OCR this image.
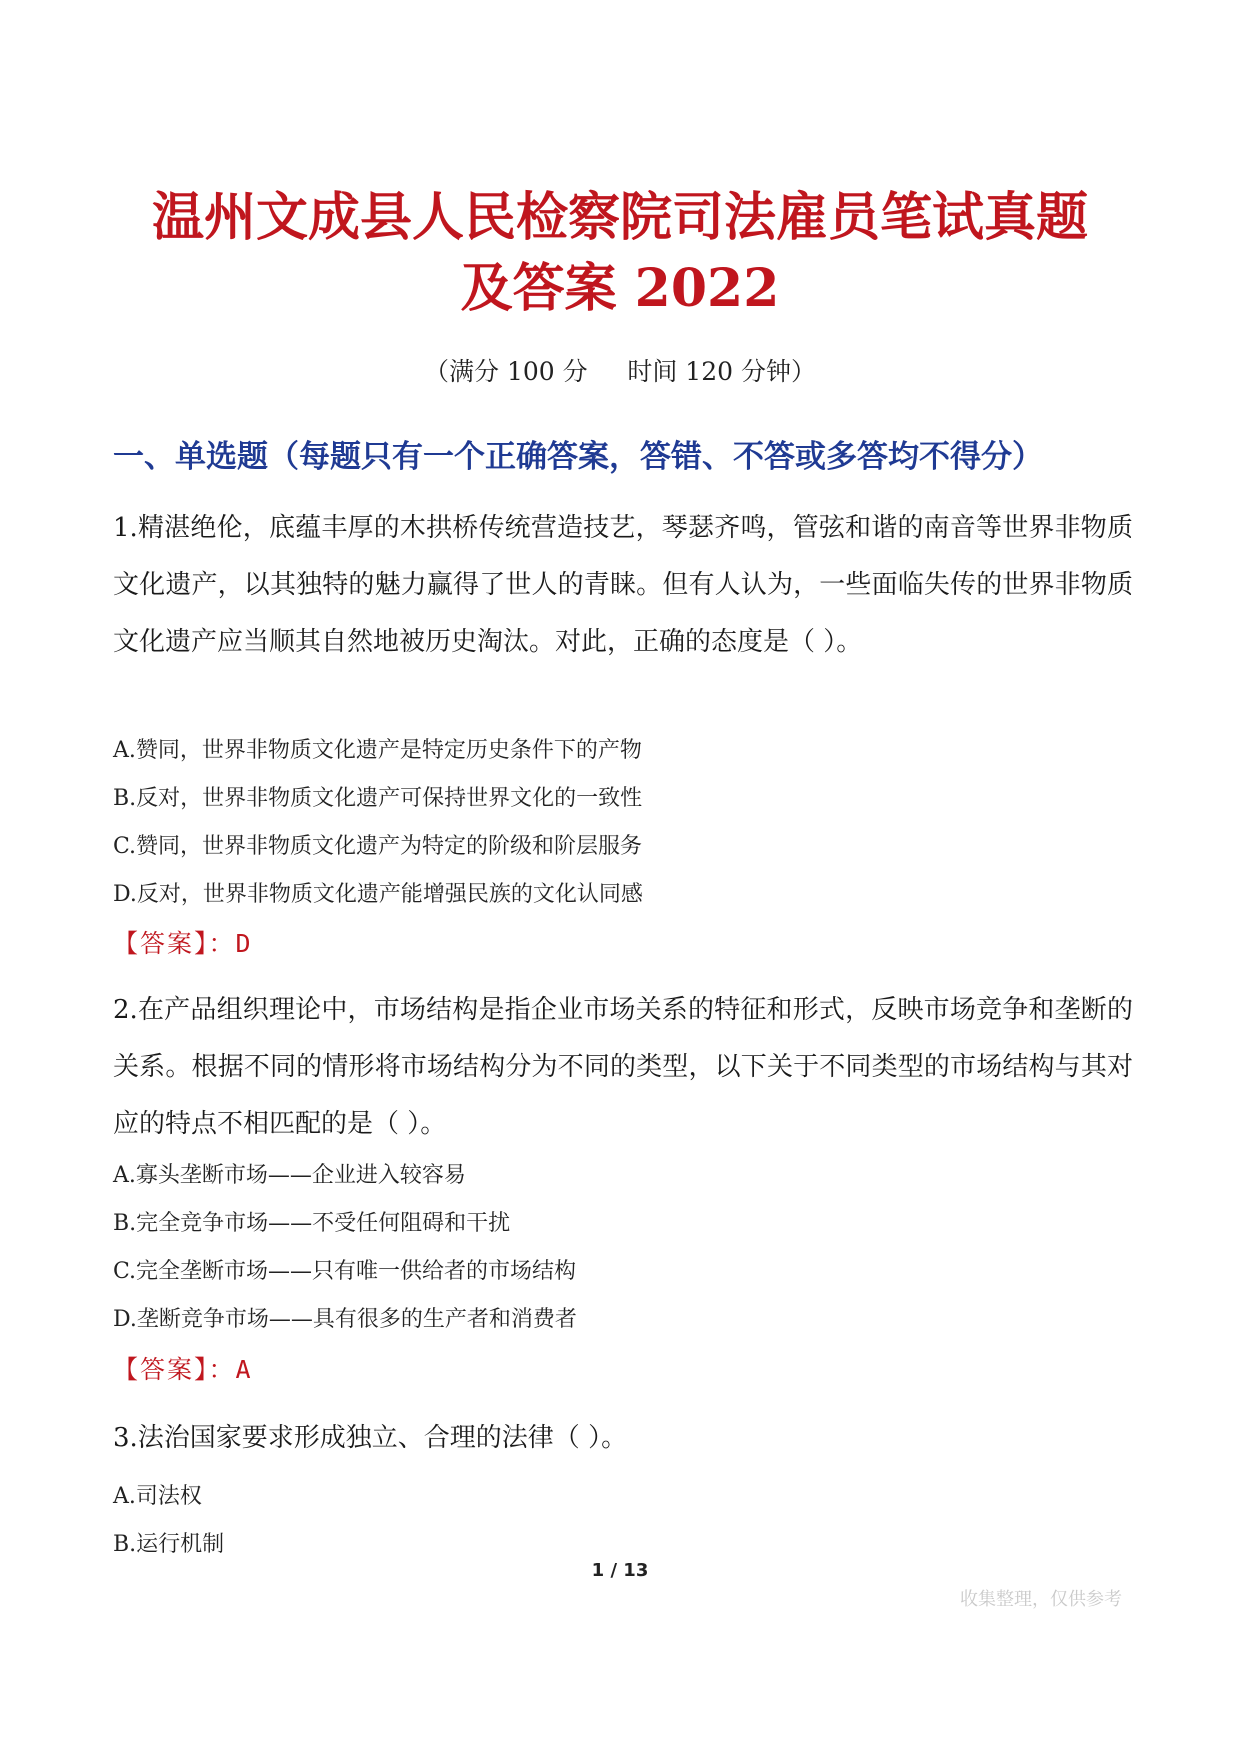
温州文成县人民检察院司法雇员笔试真题
及答案 2022
（满分 100 分     时间 120 分钟）
一、单选题（每题只有一个正确答案，答错、不答或多答均不得分）
1.精湛绝伦，底蕴丰厚的木拱桥传统营造技艺，琴瑟齐鸣，管弦和谐的南音等世界非物质文化遗产，以其独特的魅力赢得了世人的青睐。但有人认为，一些面临失传的世界非物质文化遗产应当顺其自然地被历史淘汰。对此，正确的态度是（ ）。
A.赞同，世界非物质文化遗产是特定历史条件下的产物
B.反对，世界非物质文化遗产可保持世界文化的一致性
C.赞同，世界非物质文化遗产为特定的阶级和阶层服务
D.反对，世界非物质文化遗产能增强民族的文化认同感
【答案】：D
2.在产品组织理论中，市场结构是指企业市场关系的特征和形式，反映市场竞争和垄断的关系。根据不同的情形将市场结构分为不同的类型，以下关于不同类型的市场结构与其对应的特点不相匹配的是（ ）。
A.寡头垄断市场——企业进入较容易
B.完全竞争市场——不受任何阻碍和干扰
C.完全垄断市场——只有唯一供给者的市场结构
D.垄断竞争市场——具有很多的生产者和消费者
【答案】：A
3.法治国家要求形成独立、合理的法律（ ）。
A.司法权
B.运行机制
1 / 13
收集整理，仅供参考
